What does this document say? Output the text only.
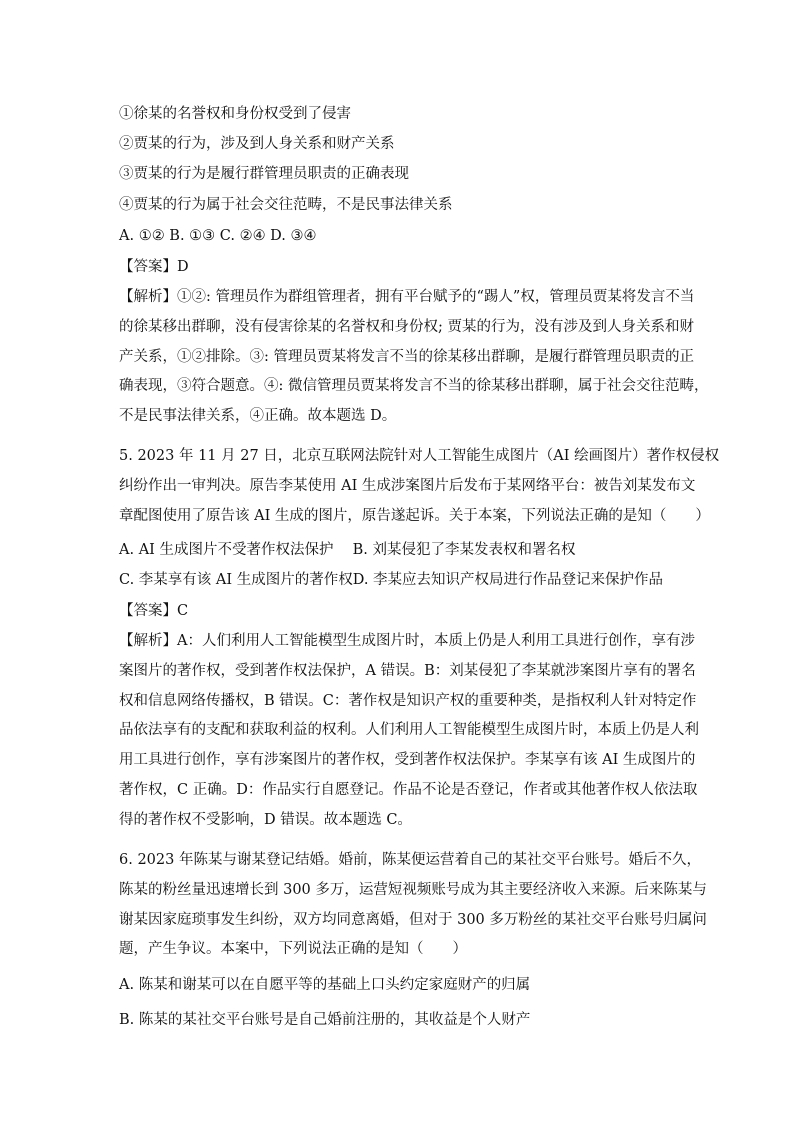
①徐某的名誉权和身份权受到了侵害
②贾某的行为，涉及到人身关系和财产关系
③贾某的行为是履行群管理员职责的正确表现
④贾某的行为属于社会交往范畴，不是民事法律关系
A. ①② B. ①③ C. ②④ D. ③④
【答案】D
【解析】①②: 管理员作为群组管理者，拥有平台赋予的“踢人”权，管理员贾某将发言不当
的徐某移出群聊，没有侵害徐某的名誉权和身份权; 贾某的行为，没有涉及到人身关系和财
产关系，①②排除。③: 管理员贾某将发言不当的徐某移出群聊，是履行群管理员职责的正
确表现，③符合题意。④: 微信管理员贾某将发言不当的徐某移出群聊，属于社会交往范畴，
不是民事法律关系，④正确。故本题选 D。
5. 2023 年 11 月 27 日，北京互联网法院针对人工智能生成图片（AI 绘画图片）著作权侵权
纠纷作出一审判决。原告李某使用 AI 生成涉案图片后发布于某网络平台：被告刘某发布文
章配图使用了原告该 AI 生成的图片，原告遂起诉。关于本案，下列说法正确的是知（　　）
A. AI 生成图片不受著作权法保护　 B. 刘某侵犯了李某发表权和署名权
C. 李某享有该 AI 生成图片的著作权D. 李某应去知识产权局进行作品登记来保护作品
【答案】C
【解析】A：人们利用人工智能模型生成图片时，本质上仍是人利用工具进行创作，享有涉
案图片的著作权，受到著作权法保护，A 错误。B：刘某侵犯了李某就涉案图片享有的署名
权和信息网络传播权，B 错误。C：著作权是知识产权的重要种类，是指权利人针对特定作
品依法享有的支配和获取利益的权利。人们利用人工智能模型生成图片时，本质上仍是人利
用工具进行创作，享有涉案图片的著作权，受到著作权法保护。李某享有该 AI 生成图片的
著作权，C 正确。D：作品实行自愿登记。作品不论是否登记，作者或其他著作权人依法取
得的著作权不受影响，D 错误。故本题选 C。
6. 2023 年陈某与谢某登记结婚。婚前，陈某便运营着自己的某社交平台账号。婚后不久，
陈某的粉丝量迅速增长到 300 多万，运营短视频账号成为其主要经济收入来源。后来陈某与
谢某因家庭琐事发生纠纷，双方均同意离婚，但对于 300 多万粉丝的某社交平台账号归属问
题，产生争议。本案中，下列说法正确的是知（　　）
A. 陈某和谢某可以在自愿平等的基础上口头约定家庭财产的归属
B. 陈某的某社交平台账号是自己婚前注册的，其收益是个人财产
